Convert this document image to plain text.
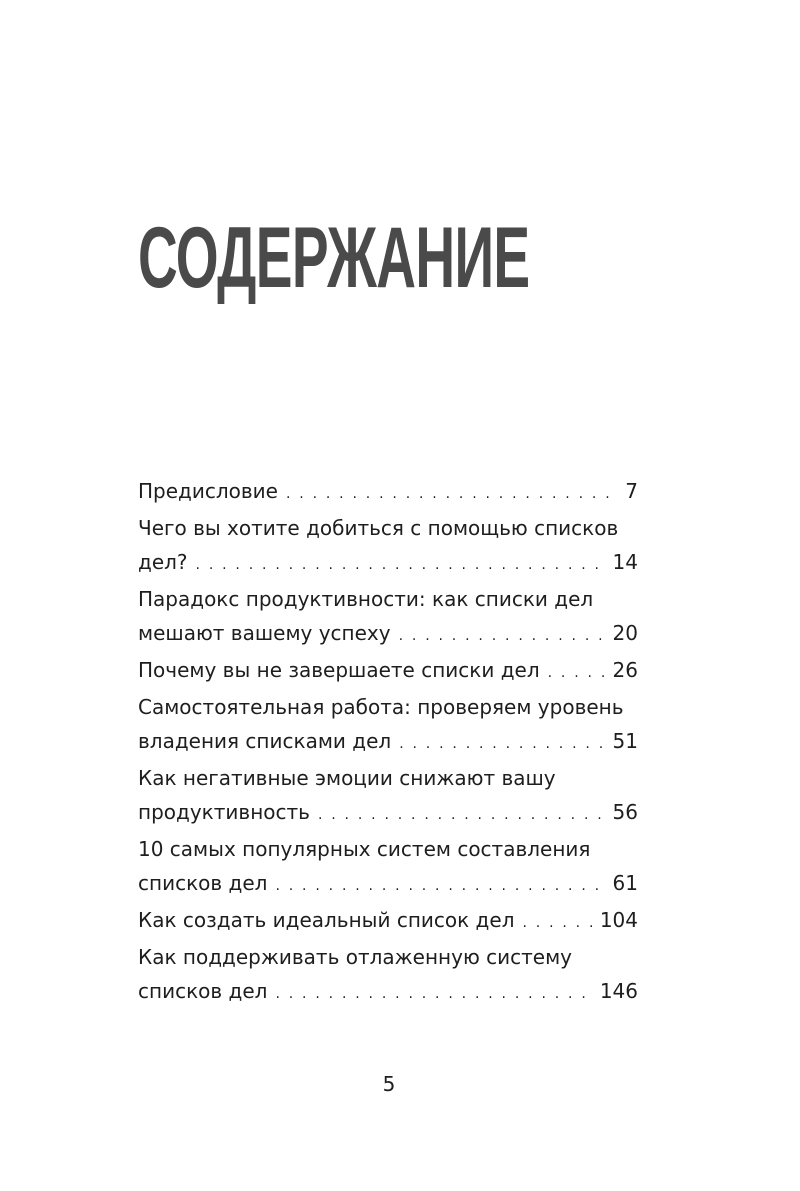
СОДЕРЖАНИЕ
Предисловие . . .	7
Чего вы хотите добиться с помощью списков
дел? . . .	14
Парадокс продуктивности: как списки дел
мешают вашему успеху . . .	20
Почему вы не завершаете списки дел . . .	26
Самостоятельная работа: проверяем уровень
владения списками дел . . .	51
Как негативные эмоции снижают вашу
продуктивность . . .	56
10 самых популярных систем составления
списков дел . . .	61
Как создать идеальный список дел . . .	104
Как поддерживать отлаженную систему
списков дел . . .	146
5
